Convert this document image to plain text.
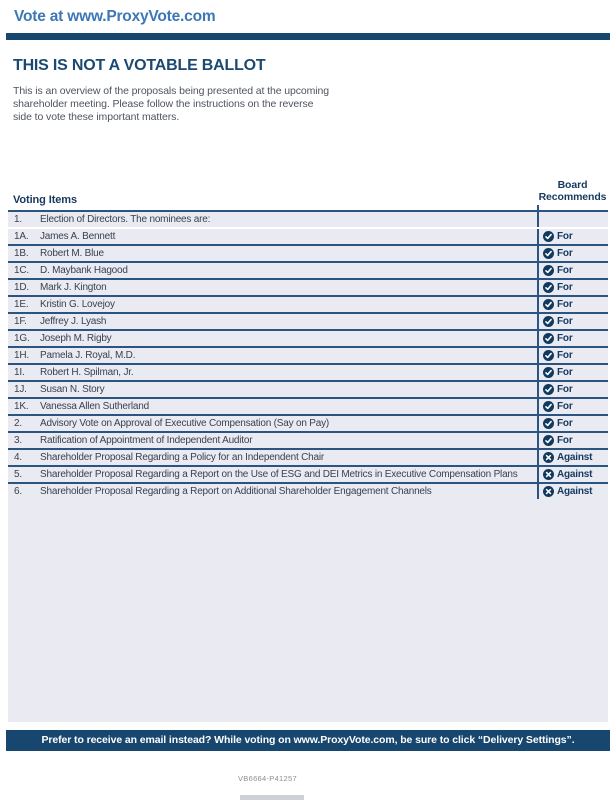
Vote at www.ProxyVote.com
THIS IS NOT A VOTABLE BALLOT
This is an overview of the proposals being presented at the upcoming shareholder meeting. Please follow the instructions on the reverse side to vote these important matters.
Voting Items
Board
Recommends
1.	Election of Directors. The nominees are:
1A.	James A. Bennett	For
1B.	Robert M. Blue	For
1C.	D. Maybank Hagood	For
1D.	Mark J. Kington	For
1E.	Kristin G. Lovejoy	For
1F.	Jeffrey J. Lyash	For
1G.	Joseph M. Rigby	For
1H.	Pamela J. Royal, M.D.	For
1I.	Robert H. Spilman, Jr.	For
1J.	Susan N. Story	For
1K.	Vanessa Allen Sutherland	For
2.	Advisory Vote on Approval of Executive Compensation (Say on Pay)	For
3.	Ratification of Appointment of Independent Auditor	For
4.	Shareholder Proposal Regarding a Policy for an Independent Chair	Against
5.	Shareholder Proposal Regarding a Report on the Use of ESG and DEI Metrics in Executive Compensation Plans	Against
6.	Shareholder Proposal Regarding a Report on Additional Shareholder Engagement Channels	Against
Prefer to receive an email instead? While voting on www.ProxyVote.com, be sure to click “Delivery Settings”.
VB6664-P41257
